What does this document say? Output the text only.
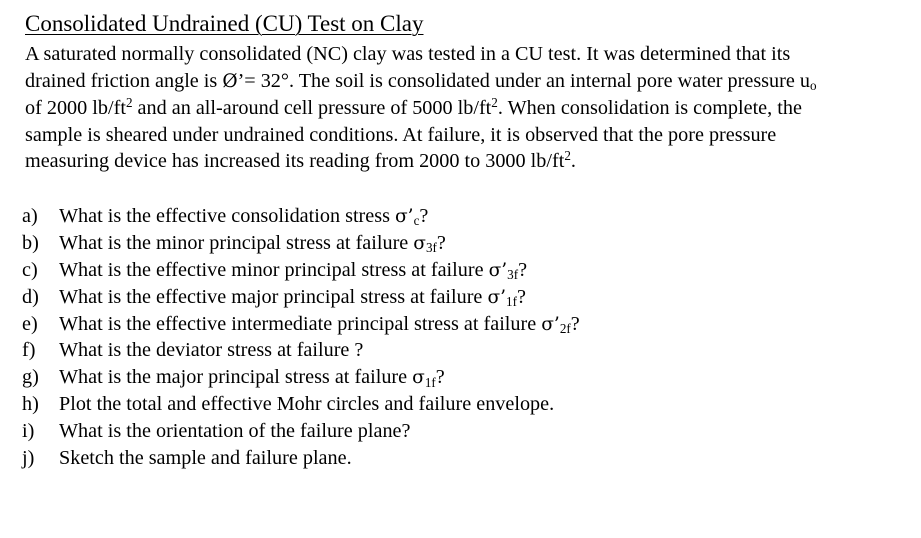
Consolidated Undrained (CU) Test on Clay
A saturated normally consolidated (NC) clay was tested in a CU test. It was determined that its
drained friction angle is Ø’= 32°. The soil is consolidated under an internal pore water pressure $u_o$
of 2000 $lb/ft^2$ and an all-around cell pressure of 5000 $lb/ft^2$. When consolidation is complete, the
sample is sheared under undrained conditions. At failure, it is observed that the pore pressure
measuring device has increased its reading from 2000 to 3000 $lb/ft^2$.
a)	What is the effective consolidation stress $\sigma’_c$?
b) What is the minor principal stress at failure $\sigma_{3f}$?
c)	What is the effective minor principal stress at failure $\sigma’_{3f}$?
d) What is the effective major principal stress at failure $\sigma’_{1f}$?
e)	What is the effective intermediate principal stress at failure $\sigma’_{2f}$?
f)	What is the deviator stress at failure ?
g) What is the major principal stress at failure $\sigma_{1f}$?
h) Plot the total and effective Mohr circles and failure envelope.
i)	What is the orientation of the failure plane?
j)	Sketch the sample and failure plane.
